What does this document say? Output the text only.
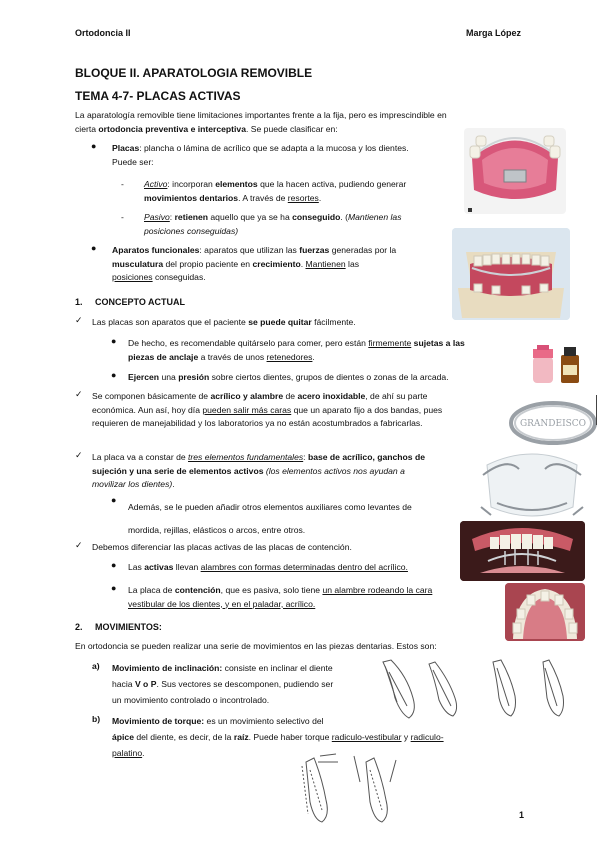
Ortodoncia II	Marga López
BLOQUE II. APARATOLOGIA REMOVIBLE
TEMA 4-7- PLACAS ACTIVAS
La aparatología removible tiene limitaciones importantes frente a la fija, pero es imprescindible en
cierta ortodoncia preventiva e interceptiva. Se puede clasificar en:
● Placas: plancha o lámina de acrílico que se adapta a la mucosa y los dientes.
Puede ser:
- Activo: incorporan elementos que la hacen activa, pudiendo generar
movimientos dentarios. A través de resortes.
- Pasivo: retienen aquello que ya se ha conseguido. (Mantienen las
posiciones conseguidas)
● Aparatos funcionales: aparatos que utilizan las fuerzas generadas por la
musculatura del propio paciente en crecimiento. Mantienen las
posiciones conseguidas.
1. CONCEPTO ACTUAL
✓ Las placas son aparatos que el paciente se puede quitar fácilmente.
● De hecho, es recomendable quitárselo para comer, pero están firmemente sujetas a las
piezas de anclaje a través de unos retenedores.
● Ejercen una presión sobre ciertos dientes, grupos de dientes o zonas de la arcada.
✓ Se componen básicamente de acrílico y alambre de acero inoxidable, de ahí su parte
económica. Aun así, hoy día pueden salir más caras que un aparato fijo a dos bandas, pues
requieren de manejabilidad y los laboratorios ya no están acostumbrados a fabricarlas.
✓ La placa va a constar de tres elementos fundamentales: base de acrílico, ganchos de
sujeción y una serie de elementos activos (los elementos activos nos ayudan a
movilizar los dientes).
●
Además, se le pueden añadir otros elementos auxiliares como levantes de
mordida, rejillas, elásticos o arcos, entre otros.
✓ Debemos diferenciar las placas activas de las placas de contención.
● Las activas llevan alambres con formas determinadas dentro del acrílico.
● La placa de contención, que es pasiva, solo tiene un alambre rodeando la cara
vestibular de los dientes, y en el paladar, acrílico.
2. MOVIMIENTOS:
En ortodoncia se pueden realizar una serie de movimientos en las piezas dentarias. Estos son:
a) Movimiento de inclinación: consiste en inclinar el diente
hacia V o P. Sus vectores se descomponen, pudiendo ser
un movimiento controlado o incontrolado.
b) Movimiento de torque: es un movimiento selectivo del
ápice del diente, es decir, de la raíz. Puede haber torque radiculo-vestibular y radiculo-
palatino.
1
GRANDEISCO
